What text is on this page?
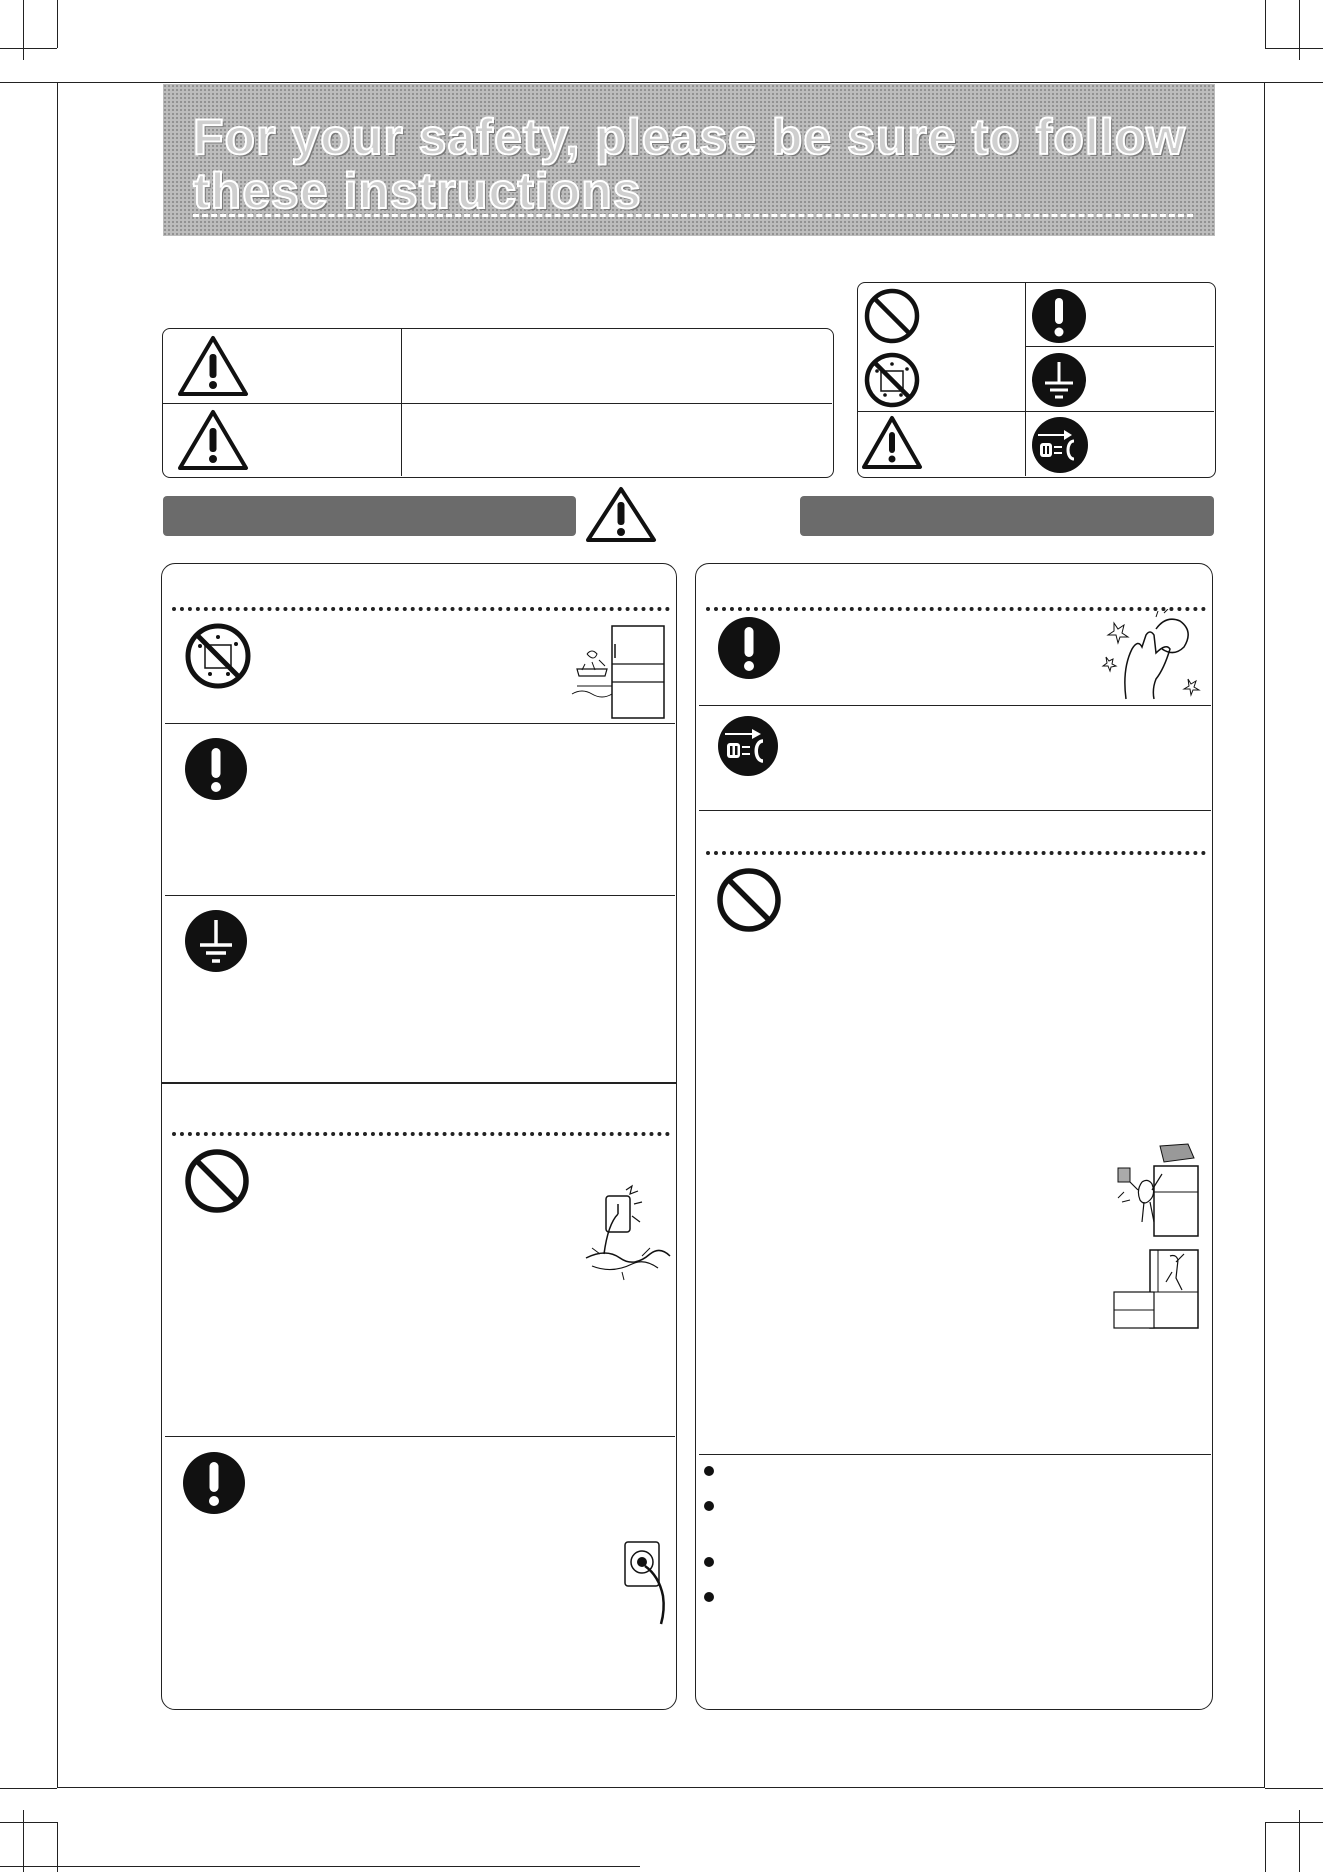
For your safety, please be sure to follow these instructions
